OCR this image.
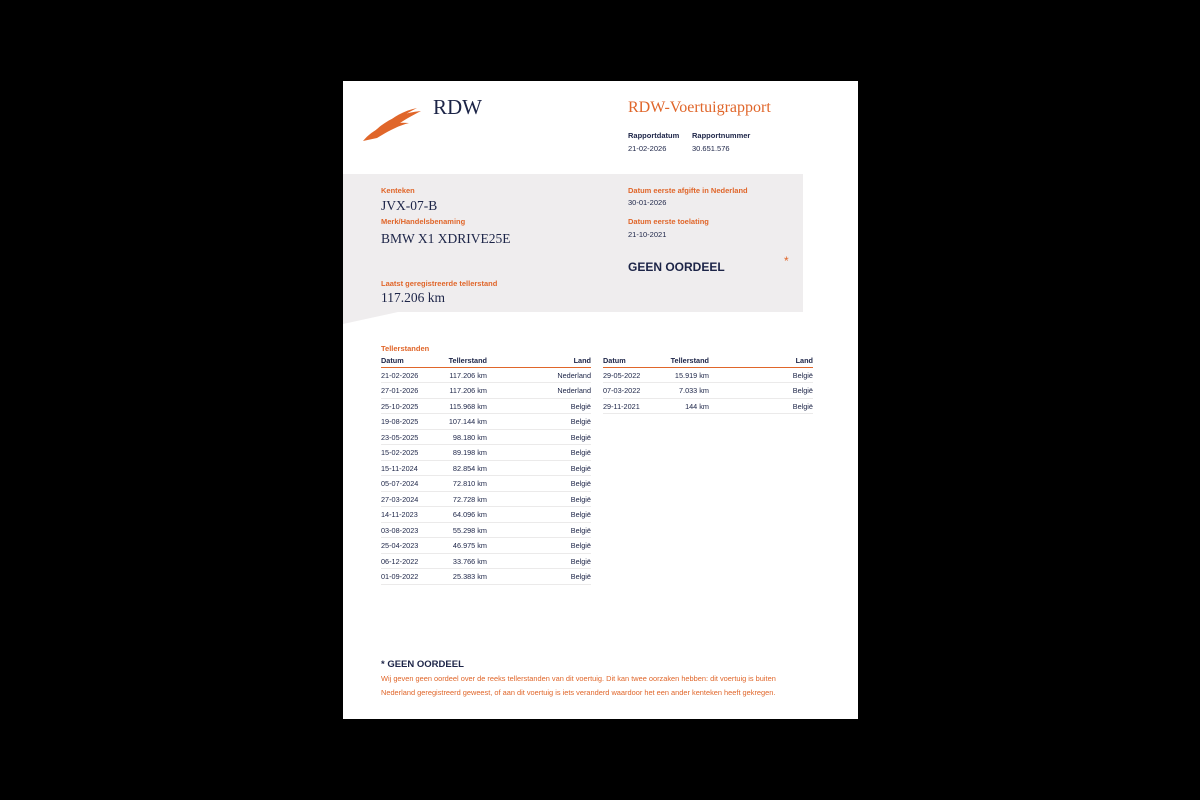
RDW	RDW-Voertuigrapport
Rapportdatum
21-02-2026
Rapportnummer
30.651.576
Kenteken
JVX-07-B
Merk/Handelsbenaming
BMW X1 XDRIVE25E
Laatst geregistreerde tellerstand
117.206 km
Datum eerste afgifte in Nederland
30-01-2026
Datum eerste toelating
21-10-2021
GEEN OORDEEL	*
Tellerstanden
Datum	Tellerstand	Land
21-02-2026	117.206 km	Nederland
27-01-2026	117.206 km	Nederland
25-10-2025	115.968 km	België
19-08-2025	107.144 km	België
23-05-2025	98.180 km	België
15-02-2025	89.198 km	België
15-11-2024	82.854 km	België
05-07-2024	72.810 km	België
27-03-2024	72.728 km	België
14-11-2023	64.096 km	België
03-08-2023	55.298 km	België
25-04-2023	46.975 km	België
06-12-2022	33.766 km	België
01-09-2022	25.383 km	België
Datum	Tellerstand	Land
29-05-2022	15.919 km	België
07-03-2022	7.033 km	België
29-11-2021	144 km	België
* GEEN OORDEEL
Wij geven geen oordeel over de reeks tellerstanden van dit voertuig. Dit kan twee oorzaken hebben: dit voertuig is buiten Nederland geregistreerd geweest, of aan dit voertuig is iets veranderd waardoor het een ander kenteken heeft gekregen.
